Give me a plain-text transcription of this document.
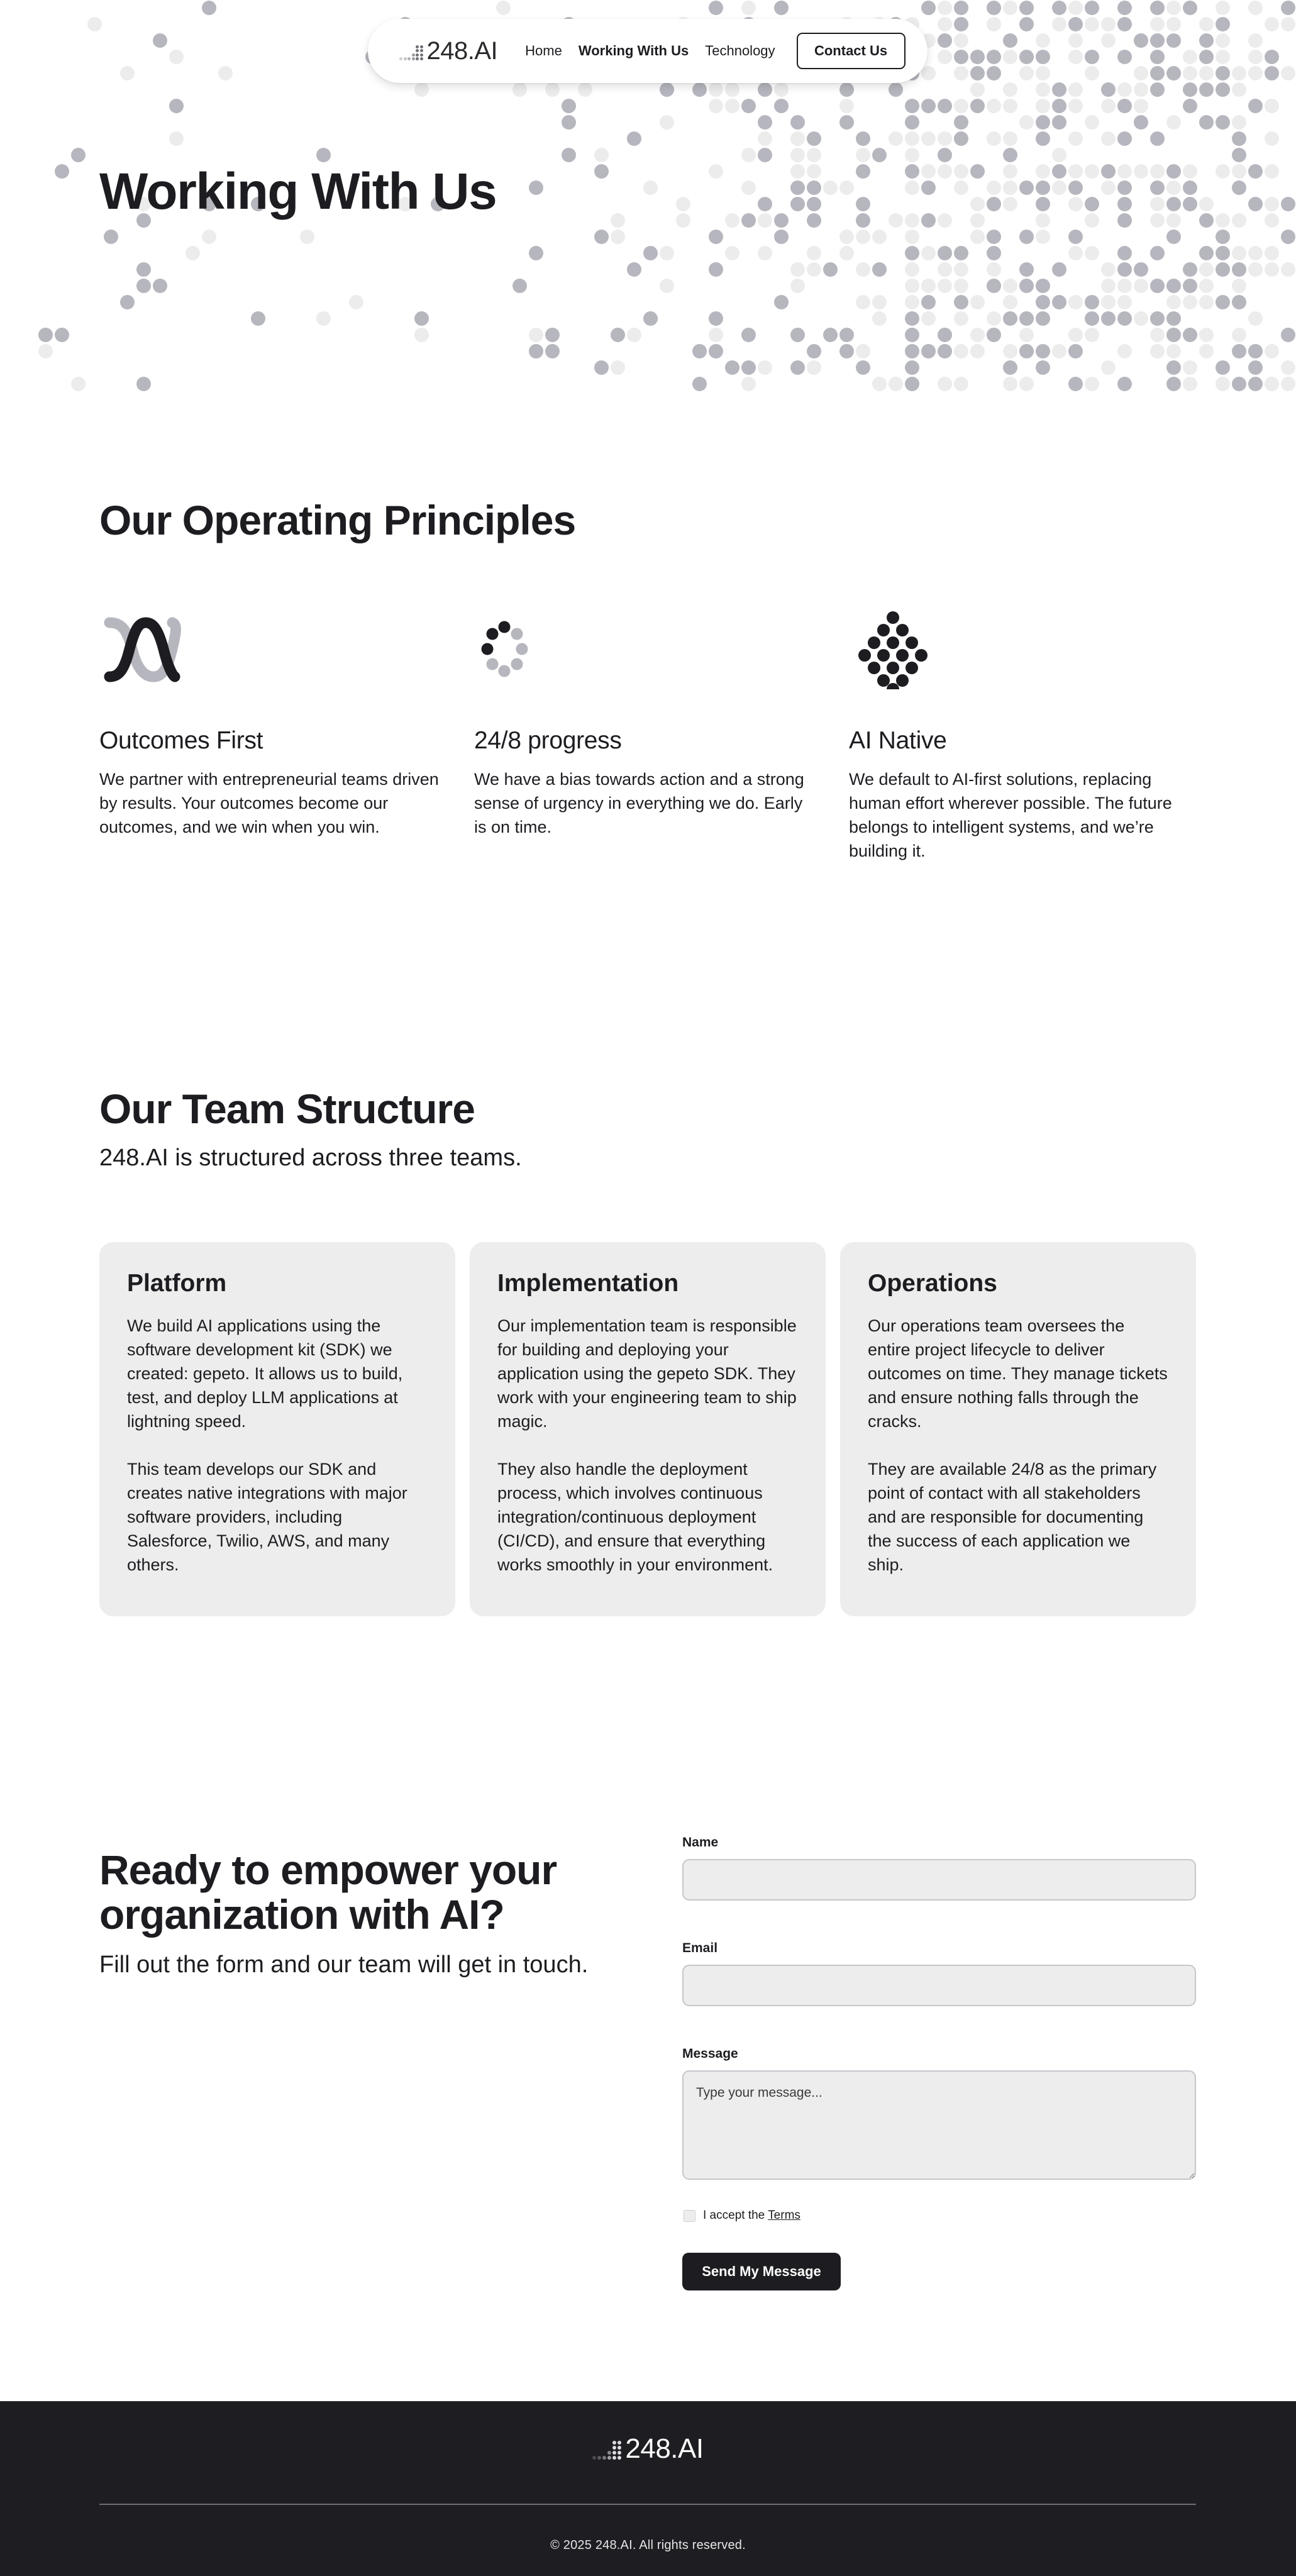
248.AI Home Working With Us Technology	Contact Us
Working With Us
Our Operating Principles
Outcomes First

We partner with entrepreneurial teams driven by results. Your outcomes become our outcomes, and we win when you win.

24/8 progress

We have a bias towards action and a strong sense of urgency in everything we do. Early is on time.

AI Native

We default to AI-first solutions, replacing human effort wherever possible. The future belongs to intelligent systems, and we’re building it.

Our Team Structure

248.AI is structured across three teams.

Platform

We build AI applications using the software development kit (SDK) we created: gepeto. It allows us to build, test, and deploy LLM applications at lightning speed.

This team develops our SDK and creates native integrations with major software providers, including Salesforce, Twilio, AWS, and many others.

Implementation

Our implementation team is responsible for building and deploying your application using the gepeto SDK. They work with your engineering team to ship magic.

They also handle the deployment process, which involves continuous integration/continuous deployment (CI/CD), and ensure that everything works smoothly in your environment.

Operations

Our operations team oversees the entire project lifecycle to deliver outcomes on time. They manage tickets and ensure nothing falls through the cracks.

They are available 24/8 as the primary point of contact with all stakeholders and are responsible for documenting the success of each application we ship.

Ready to empower your organization with AI?

Fill out the form and our team will get in touch.

Name
Email
Message
Type your message...
I accept the Terms
Send My Message
248.AI

© 2025 248.AI. All rights reserved.
